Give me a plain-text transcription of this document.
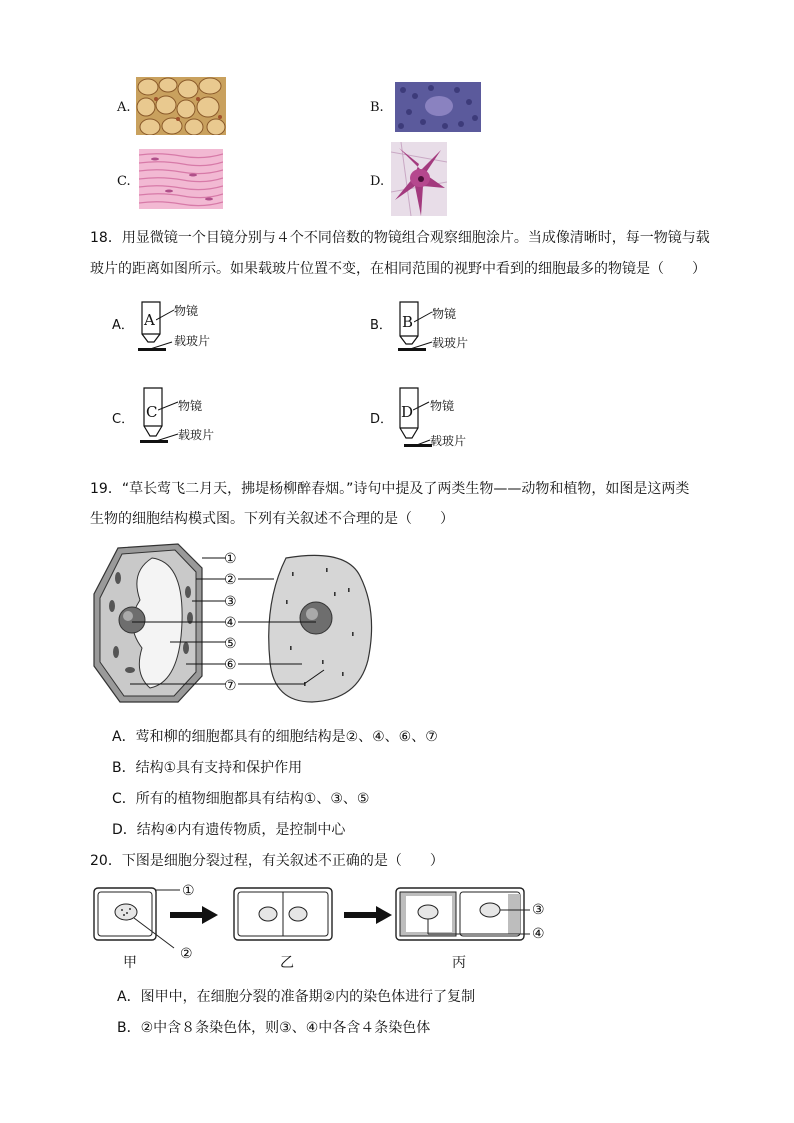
A.	B.
C.	D.
18．用显微镜一个目镜分别与４个不同倍数的物镜组合观察细胞涂片。当成像清晰时，每一物镜与载
玻片的距离如图所示。如果载玻片位置不变，在相同范围的视野中看到的细胞最多的物镜是（　　）
A． A 物镜
载玻片
B． B 物镜
载玻片
C． C 物镜
载玻片
D． D 物镜
载玻片
19．“草长莺飞二月天，拂堤杨柳醉春烟。”诗句中提及了两类生物——动物和植物，如图是这两类
生物的细胞结构模式图。下列有关叙述不合理的是（　　）
①
②
③
④
⑤
⑥
⑦
A．莺和柳的细胞都具有的细胞结构是②、④、⑥、⑦
B．结构①具有支持和保护作用
C．所有的植物细胞都具有结构①、③、⑤
D．结构④内有遗传物质，是控制中心
20．下图是细胞分裂过程，有关叙述不正确的是（　　）
①
②
③
④
甲	乙	丙
A．图甲中，在细胞分裂的准备期②内的染色体进行了复制
B．②中含８条染色体，则③、④中各含４条染色体
